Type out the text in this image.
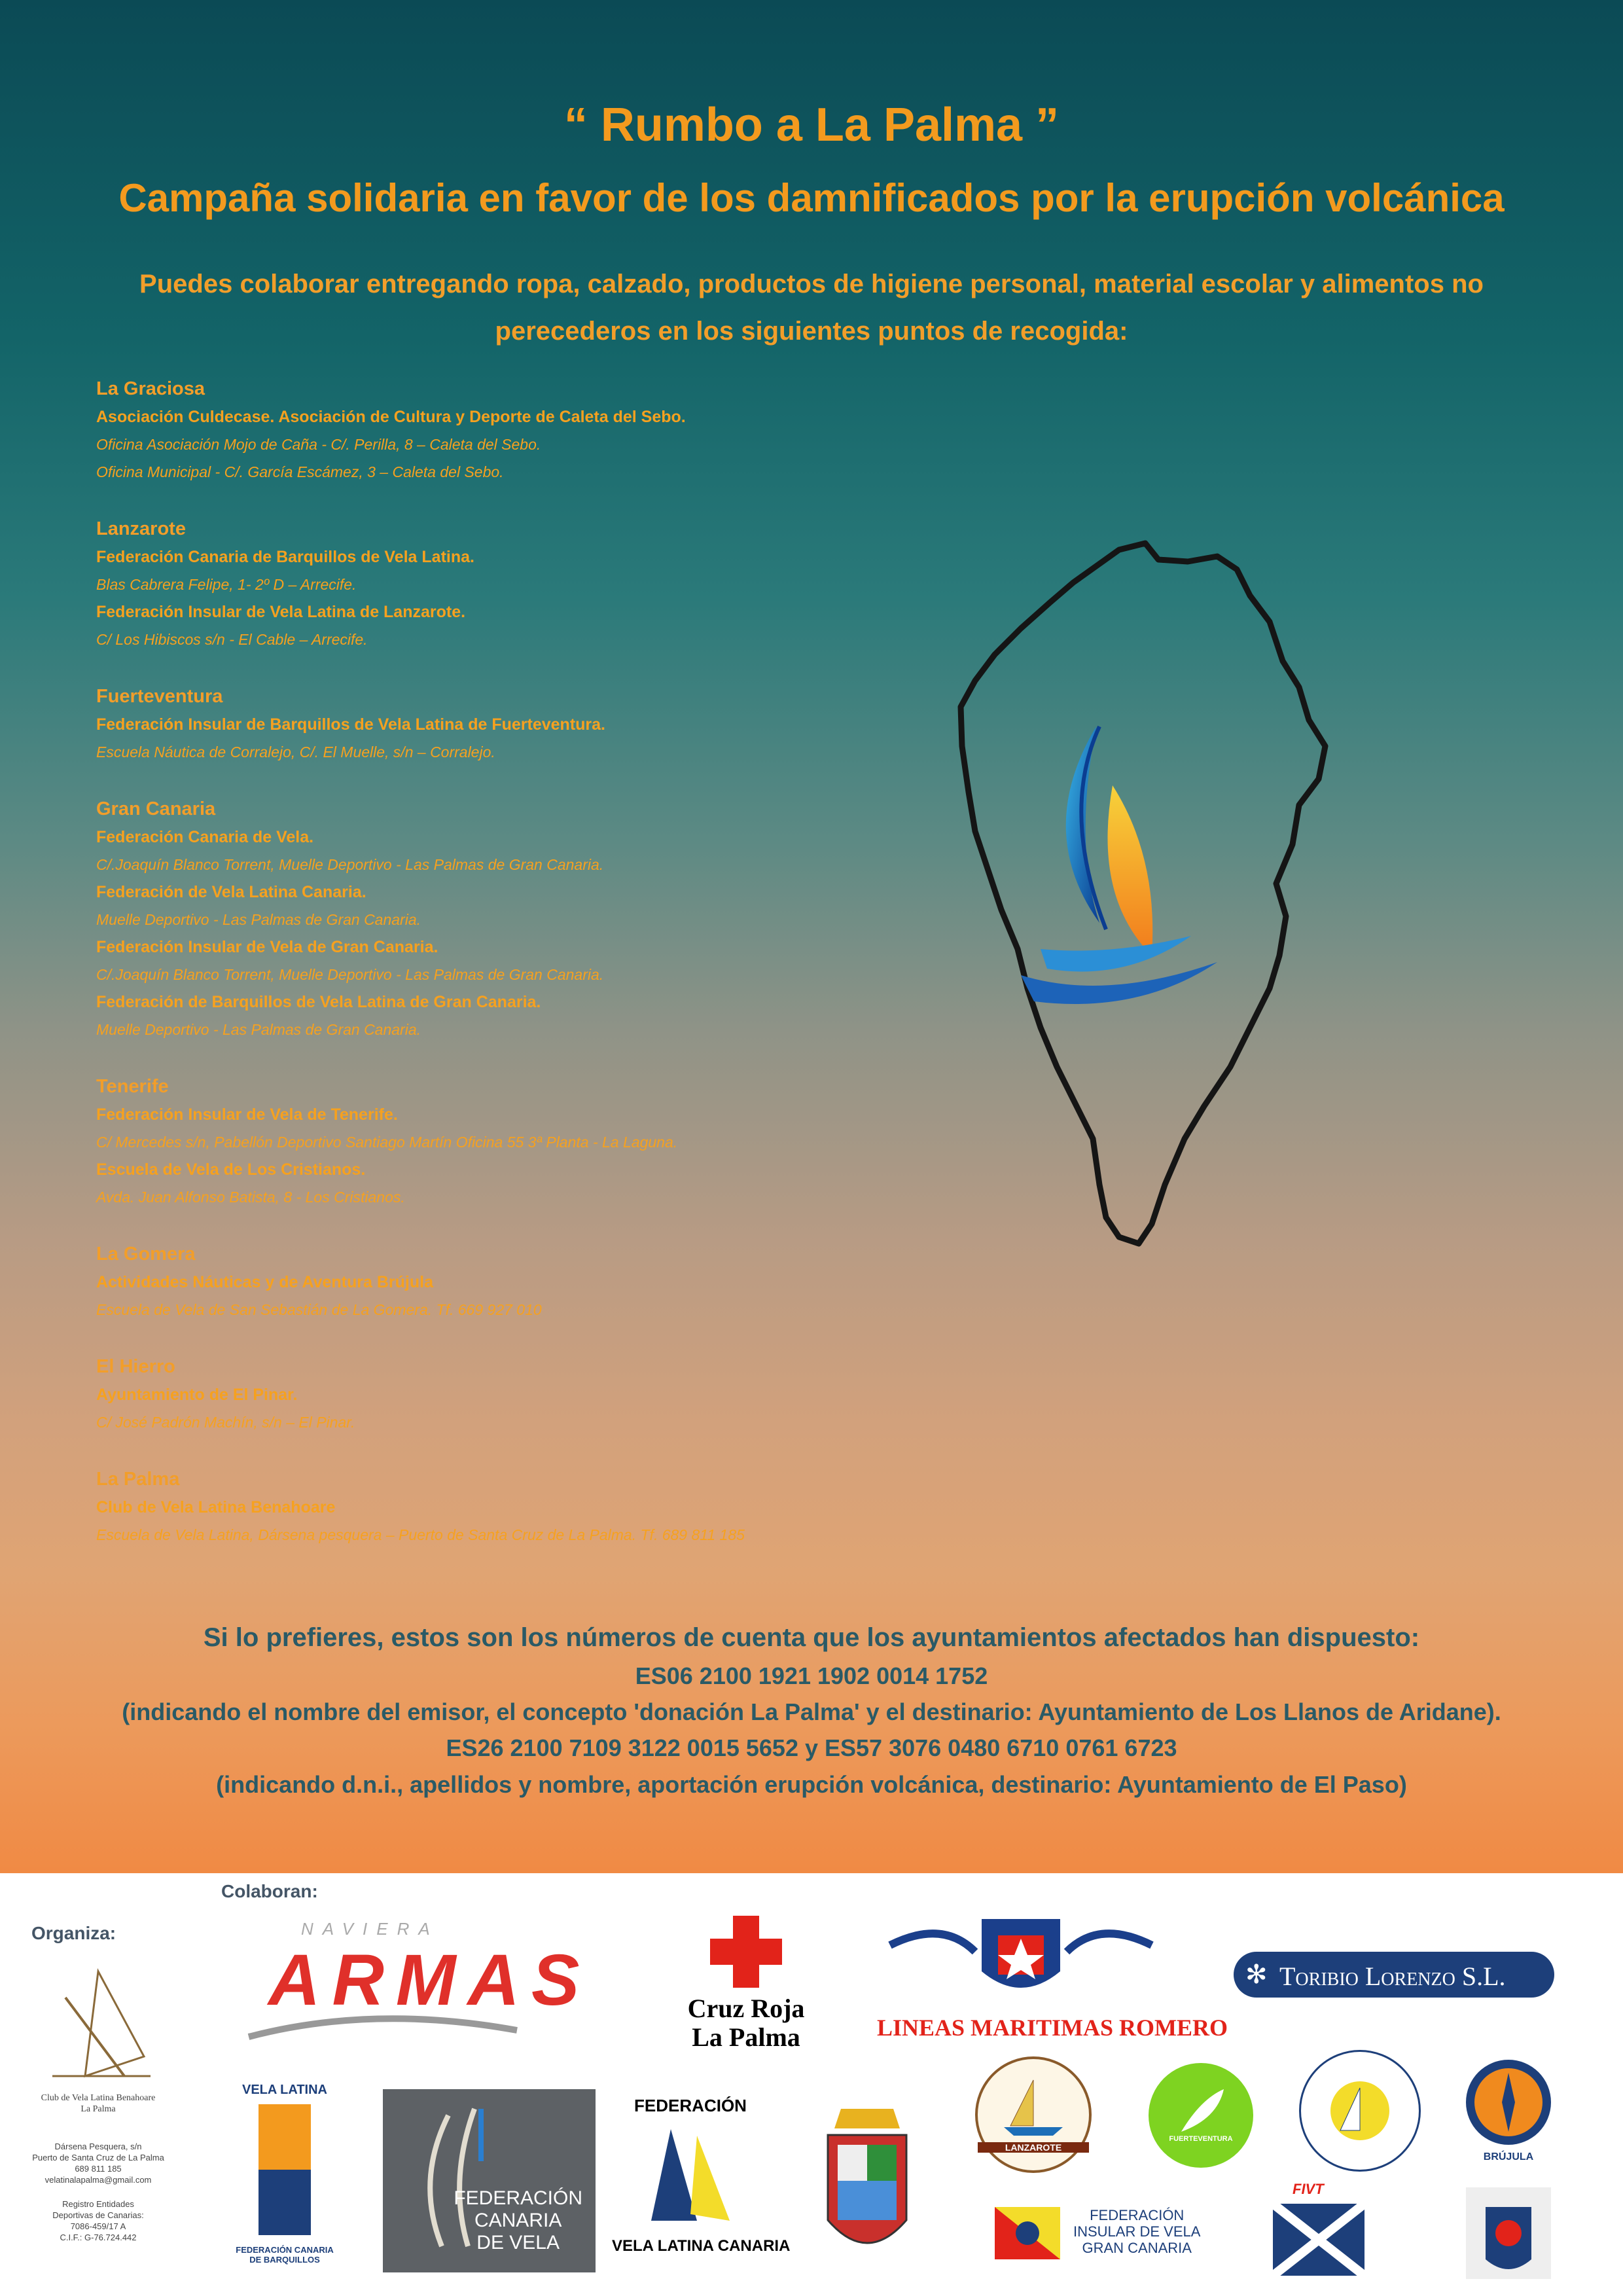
“ Rumbo a La Palma ”
Campaña solidaria en favor de los damnificados por la erupción volcánica
Puedes colaborar entregando ropa, calzado, productos de higiene personal, material escolar y alimentos no
perecederos en los siguientes puntos de recogida:
La Graciosa
Asociación Culdecase. Asociación de Cultura y Deporte de Caleta del Sebo.
Oficina Asociación Mojo de Caña - C/. Perilla, 8 – Caleta del Sebo.
Oficina Municipal - C/. García Escámez, 3 – Caleta del Sebo.
Lanzarote
Federación Canaria de Barquillos de Vela Latina.
Blas Cabrera Felipe, 1- 2º D – Arrecife.
Federación Insular de Vela Latina de Lanzarote.
C/ Los Hibiscos s/n - El Cable – Arrecife.
Fuerteventura
Federación Insular de Barquillos de Vela Latina de Fuerteventura.
Escuela Náutica de Corralejo, C/. El Muelle, s/n – Corralejo.
Gran Canaria
Federación Canaria de Vela.
C/.Joaquín Blanco Torrent, Muelle Deportivo - Las Palmas de Gran Canaria.
Federación de Vela Latina Canaria.
Muelle Deportivo - Las Palmas de Gran Canaria.
Federación Insular de Vela de Gran Canaria.
C/.Joaquín Blanco Torrent, Muelle Deportivo - Las Palmas de Gran Canaria.
Federación de Barquillos de Vela Latina de Gran Canaria.
Muelle Deportivo - Las Palmas de Gran Canaria.
Tenerife
Federación Insular de Vela de Tenerife.
C/ Mercedes s/n, Pabellón Deportivo Santiago Martín Oficina 55 3ª Planta - La Laguna.
Escuela de Vela de Los Cristianos.
Avda. Juan Alfonso Batista, 8 - Los Cristianos.
La Gomera
Actividades Náuticas y de Aventura Brújula
Escuela de Vela de San Sebastián de La Gomera. Tf. 669 927 010
El Hierro
Ayuntamiento de El Pinar.
C/ José Padrón Machín, s/n – El Pinar.
La Palma
Club de Vela Latina Benahoare
Escuela de Vela Latina, Dársena pesquera – Puerto de Santa Cruz de La Palma. Tf. 689 811 185
Si lo prefieres, estos son los números de cuenta que los ayuntamientos afectados han dispuesto:
ES06 2100 1921 1902 0014 1752
(indicando el nombre del emisor, el concepto 'donación La Palma' y el destinario: Ayuntamiento de Los Llanos de Aridane).
ES26 2100 7109 3122 0015 5652 y ES57 3076 0480 6710 0761 6723
(indicando d.n.i., apellidos y nombre, aportación erupción volcánica, destinario: Ayuntamiento de El Paso)
Organiza:
Colaboran:
Club de Vela Latina Benahoare
La Palma
Dársena Pesquera, s/n
Puerto de Santa Cruz de La Palma
689 811 185
velatinalapalma@gmail.com
Registro Entidades
Deportivas de Canarias:
7086-459/17 A
C.I.F.: G-76.724.442
NAVIERA
ARMAS	Cruz Roja
La Palma	LINEAS MARITIMAS ROMERO
✻ Toribio Lorenzo S.L.
VELA LATINA
FEDERACIÓN CANARIA
DE BARQUILLOS
FEDERACIÓN
CANARIA
DE VELA
FEDERACIÓN
VELA LATINA CANARIA
LANZAROTE
FUERTEVENTURA
BRÚJULA
FEDERACIÓN
INSULAR DE VELA
GRAN CANARIA
FIVT
